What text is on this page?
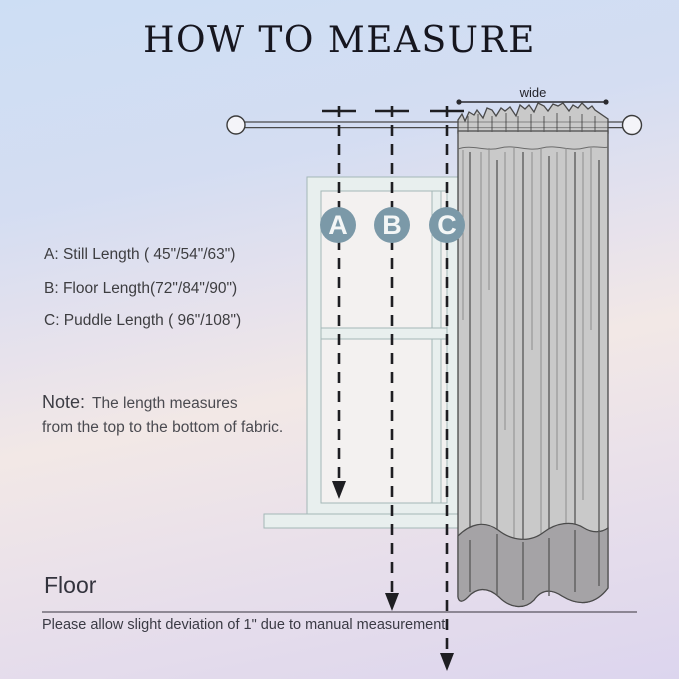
HOW TO MEASURE
wide
A B C
A: Still Length ( 45"/54"/63")
B: Floor Length(72"/84"/90")
C: Puddle Length ( 96"/108")
Note: The length measures
from the top to the bottom of fabric.
Floor
Please allow slight deviation of 1" due to manual measurement
